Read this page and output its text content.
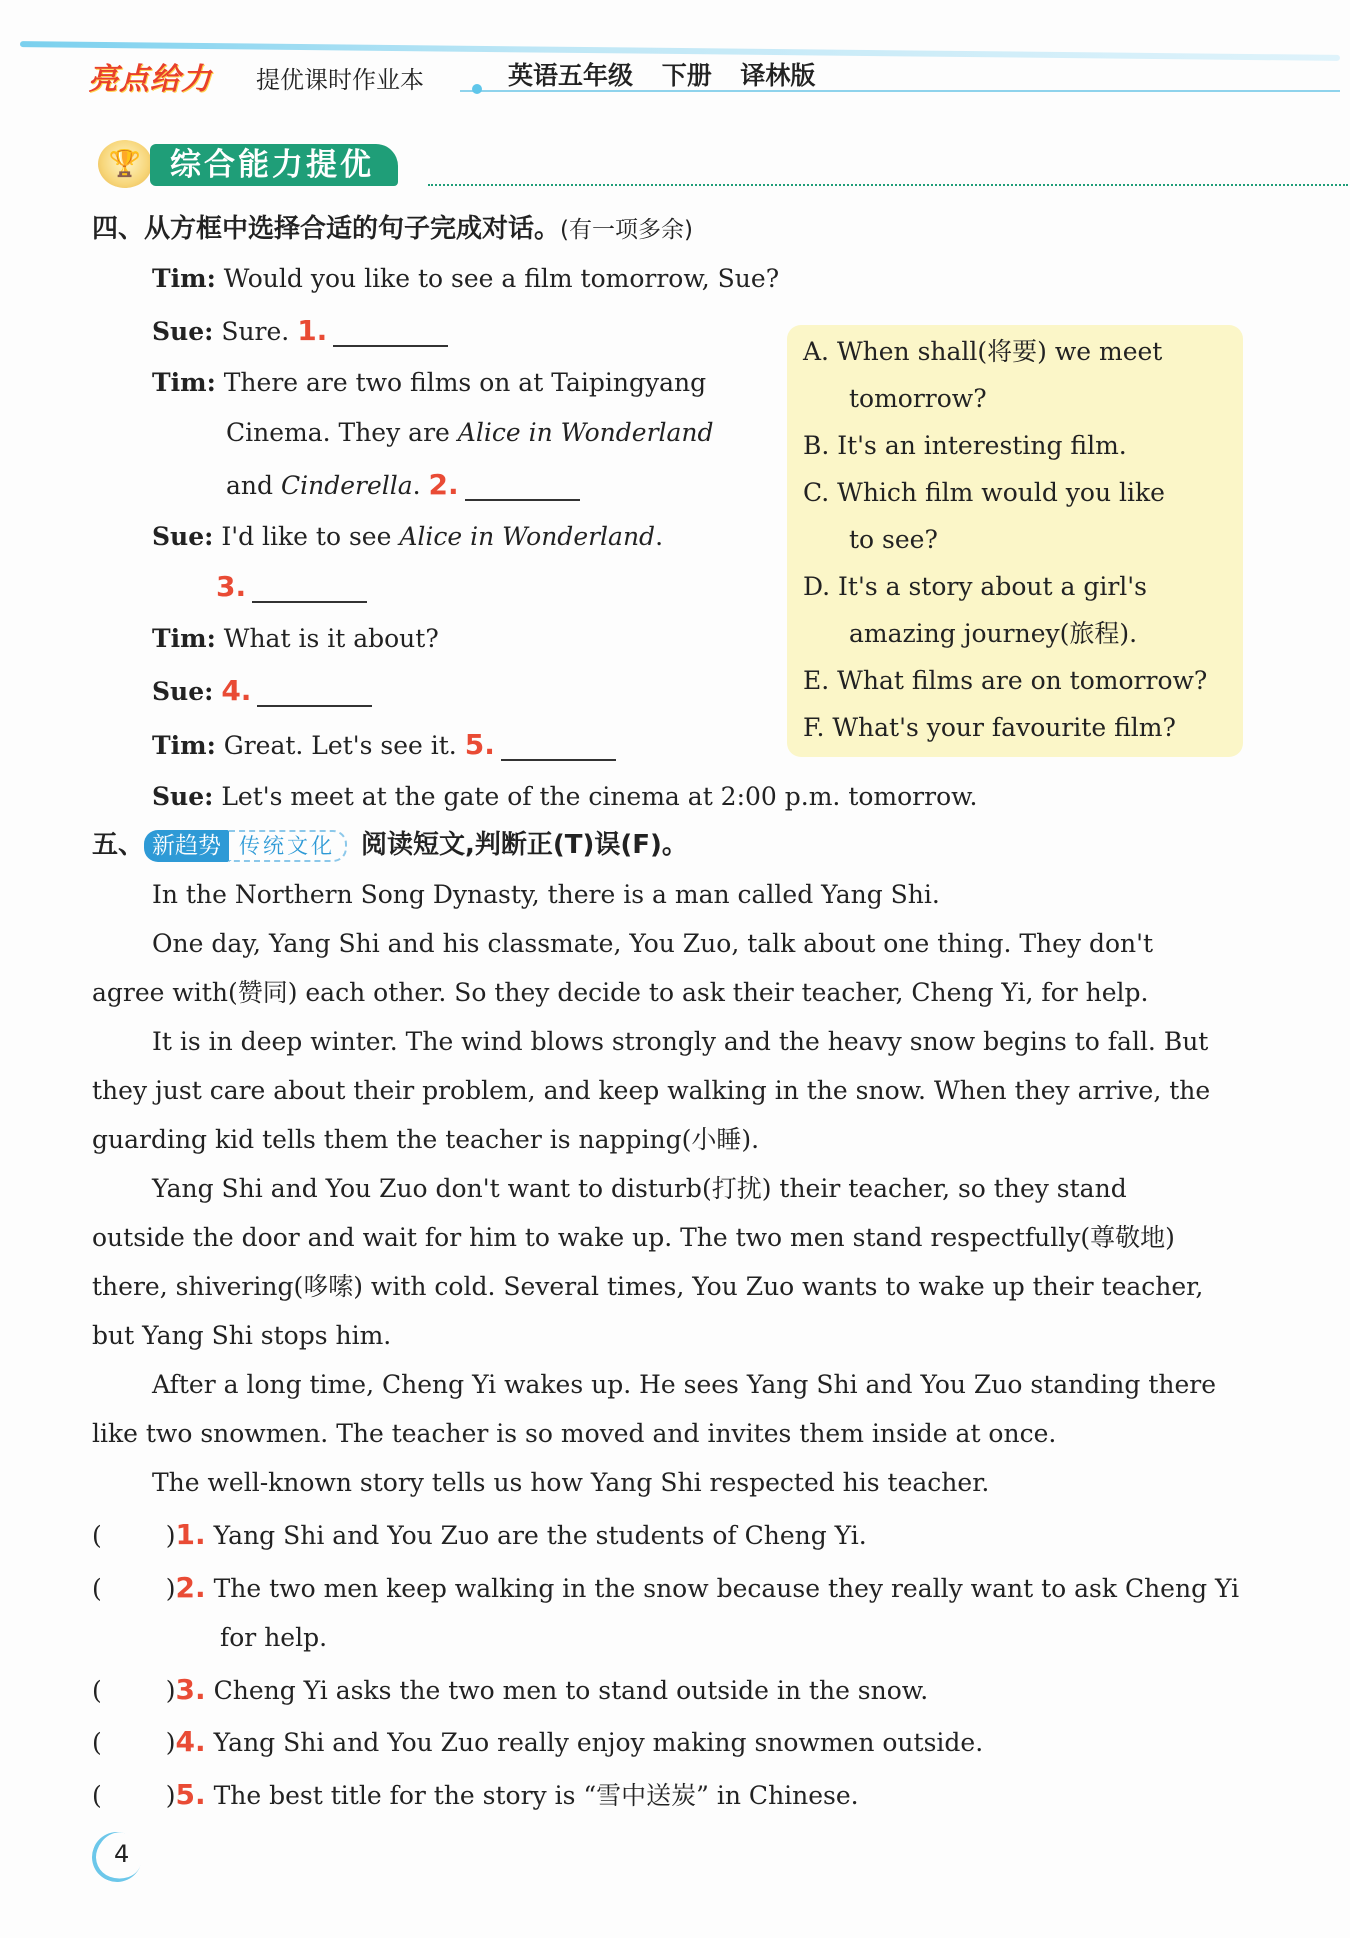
亮点给力 提优课时作业本	英语五年级 下册 译林版
🏆 综合能力提优
四、从方框中选择合适的句子完成对话。(有一项多余)
Tim: Would you like to see a film tomorrow, Sue?
Sue: Sure. 1.
Tim: There are two films on at Taipingyang
Cinema. They are Alice in Wonderland
and Cinderella. 2.
Sue: I'd like to see Alice in Wonderland.
3.
Tim: What is it about?
Sue: 4.
Tim: Great. Let's see it. 5.
Sue: Let's meet at the gate of the cinema at 2:00 p.m. tomorrow.
A. When shall(将要) we meet
tomorrow?
B. It's an interesting film.
C. Which film would you like
to see?
D. It's a story about a girl's
amazing journey(旅程).
E. What films are on tomorrow?
F. What's your favourite film?
五、 新趋势 传统文化 阅读短文,判断正(T)误(F)。
In the Northern Song Dynasty, there is a man called Yang Shi.
One day, Yang Shi and his classmate, You Zuo, talk about one thing. They don't
agree with(赞同) each other. So they decide to ask their teacher, Cheng Yi, for help.
It is in deep winter. The wind blows strongly and the heavy snow begins to fall. But
they just care about their problem, and keep walking in the snow. When they arrive, the
guarding kid tells them the teacher is napping(小睡).
Yang Shi and You Zuo don't want to disturb(打扰) their teacher, so they stand
outside the door and wait for him to wake up. The two men stand respectfully(尊敬地)
there, shivering(哆嗦) with cold. Several times, You Zuo wants to wake up their teacher,
but Yang Shi stops him.
After a long time, Cheng Yi wakes up. He sees Yang Shi and You Zuo standing there
like two snowmen. The teacher is so moved and invites them inside at once.
The well-known story tells us how Yang Shi respected his teacher.
(	)1. Yang Shi and You Zuo are the students of Cheng Yi.
(	)2. The two men keep walking in the snow because they really want to ask Cheng Yi
for help.
(	)3. Cheng Yi asks the two men to stand outside in the snow.
(	)4. Yang Shi and You Zuo really enjoy making snowmen outside.
(	)5. The best title for the story is “雪中送炭” in Chinese.
4
